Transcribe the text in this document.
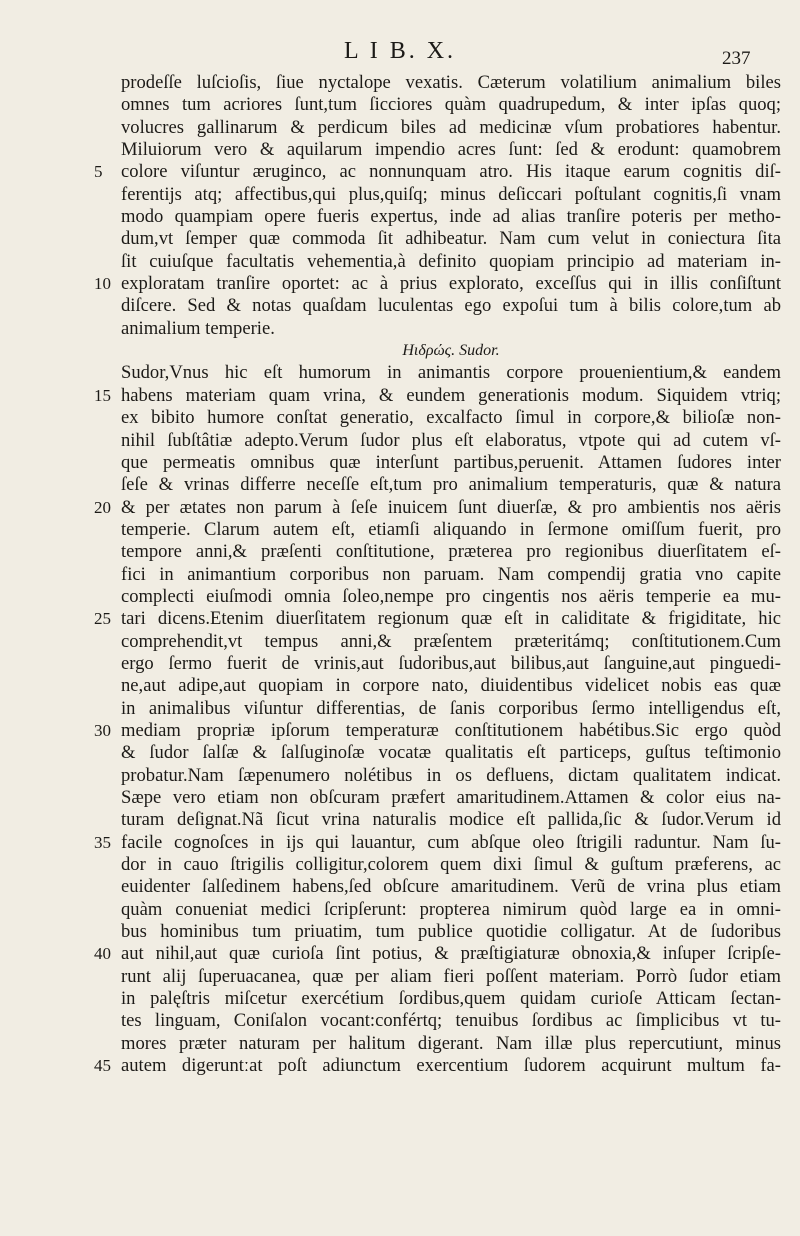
L I B. X.	237
prodeſſe luſcioſis, ſiue nyctalope vexatis. Cæterum volatilium animalium biles
omnes tum acriores ſunt,tum ſicciores quàm quadrupedum, & inter ipſas quoq;
volucres gallinarum & perdicum biles ad medicinæ vſum probatiores habentur.
Miluiorum vero & aquilarum impendio acres ſunt: ſed & erodunt: quamobrem
5 colore viſuntur æruginco, ac nonnunquam atro. His itaque earum cognitis diſ-
ferentijs atq; affectibus,qui plus,quiſq; minus deſiccari poſtulant cognitis,ſi vnam
modo quampiam opere fueris expertus, inde ad alias tranſire poteris per metho-
dum,vt ſemper quæ commoda ſit adhibeatur. Nam cum velut in coniectura ſita
ſit cuiuſque facultatis vehementia,à definito quopiam principio ad materiam in-
10 exploratam tranſire oportet: ac à prius explorato, exceſſus qui in illis conſiſtunt
diſcere. Sed & notas quaſdam luculentas ego expoſui tum à bilis colore,tum ab
animalium temperie.
Ηιδρώς. Sudor.
Sudor,Vnus hic eſt humorum in animantis corpore prouenientium,& eandem
15 habens materiam quam vrina, & eundem generationis modum. Siquidem vtriq;
ex bibito humore conſtat generatio, excalfacto ſimul in corpore,& bilioſæ non-
nihil ſubſtâtiæ adepto.Verum ſudor plus eſt elaboratus, vtpote qui ad cutem vſ-
que permeatis omnibus quæ interſunt partibus,peruenit. Attamen ſudores inter
ſeſe & vrinas differre neceſſe eſt,tum pro animalium temperaturis, quæ & natura
20 & per ætates non parum à ſeſe inuicem ſunt diuerſæ, & pro ambientis nos aëris
temperie. Clarum autem eſt, etiamſi aliquando in ſermone omiſſum fuerit, pro
tempore anni,& præſenti conſtitutione, præterea pro regionibus diuerſitatem eſ-
fici in animantium corporibus non paruam. Nam compendij gratia vno capite
complecti eiuſmodi omnia ſoleo,nempe pro cingentis nos aëris temperie ea mu-
25 tari dicens.Etenim diuerſitatem regionum quæ eſt in caliditate & frigiditate, hic
comprehendit,vt tempus anni,& præſentem præteritámq; conſtitutionem.Cum
ergo ſermo fuerit de vrinis,aut ſudoribus,aut bilibus,aut ſanguine,aut pinguedi-
ne,aut adipe,aut quopiam in corpore nato, diuidentibus videlicet nobis eas quæ
in animalibus viſuntur differentias, de ſanis corporibus ſermo intelligendus eſt,
30 mediam propriæ ipſorum temperaturæ conſtitutionem habétibus.Sic ergo quòd
& ſudor ſalſæ & ſalſuginoſæ vocatæ qualitatis eſt particeps, guſtus teſtimonio
probatur.Nam ſæpenumero nolétibus in os defluens, dictam qualitatem indicat.
Sæpe vero etiam non obſcuram præfert amaritudinem.Attamen & color eius na-
turam deſignat.Nã ſicut vrina naturalis modice eſt pallida,ſic & ſudor.Verum id
35 facile cognoſces in ijs qui lauantur, cum abſque oleo ſtrigili raduntur. Nam ſu-
dor in cauo ſtrigilis colligitur,colorem quem dixi ſimul & guſtum præferens, ac
euidenter ſalſedinem habens,ſed obſcure amaritudinem. Verũ de vrina plus etiam
quàm conueniat medici ſcripſerunt: propterea nimirum quòd large ea in omni-
bus hominibus tum priuatim, tum publice quotidie colligatur. At de ſudoribus
40 aut nihil,aut quæ curioſa ſint potius, & præſtigiaturæ obnoxia,& inſuper ſcripſe-
runt alij ſuperuacanea, quæ per aliam fieri poſſent materiam. Porrò ſudor etiam
in palęſtris miſcetur exercétium ſordibus,quem quidam curioſe Atticam ſectan-
tes linguam, Coniſalon vocant:confértq; tenuibus ſordibus ac ſimplicibus vt tu-
mores præter naturam per halitum digerant. Nam illæ plus repercutiunt, minus
45 autem digeruntːat poſt adiunctum exercentium ſudorem acquirunt multum fa-
